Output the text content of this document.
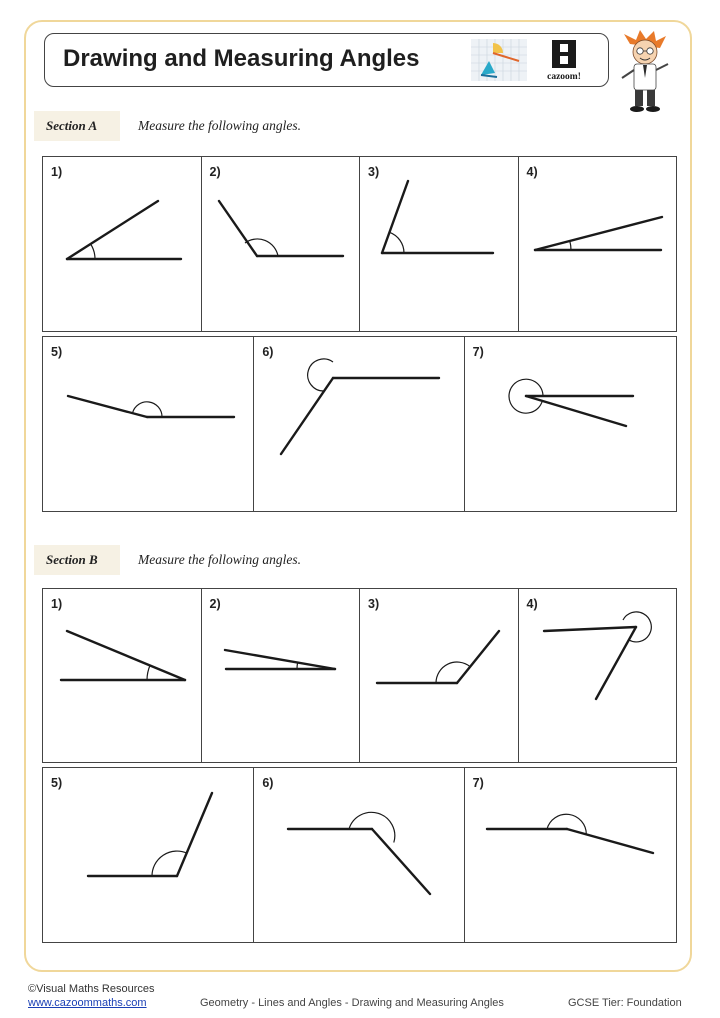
Drawing and Measuring Angles
cazoom!
Section A	Measure the following angles.
1)	2)	3)	4)
5)	6)	7)
Section B	Measure the following angles.
1)	2)	3)	4)
5)	6)	7)
©Visual Maths Resources
www.cazoommaths.com	Geometry - Lines and Angles - Drawing and Measuring Angles	GCSE Tier: Foundation
